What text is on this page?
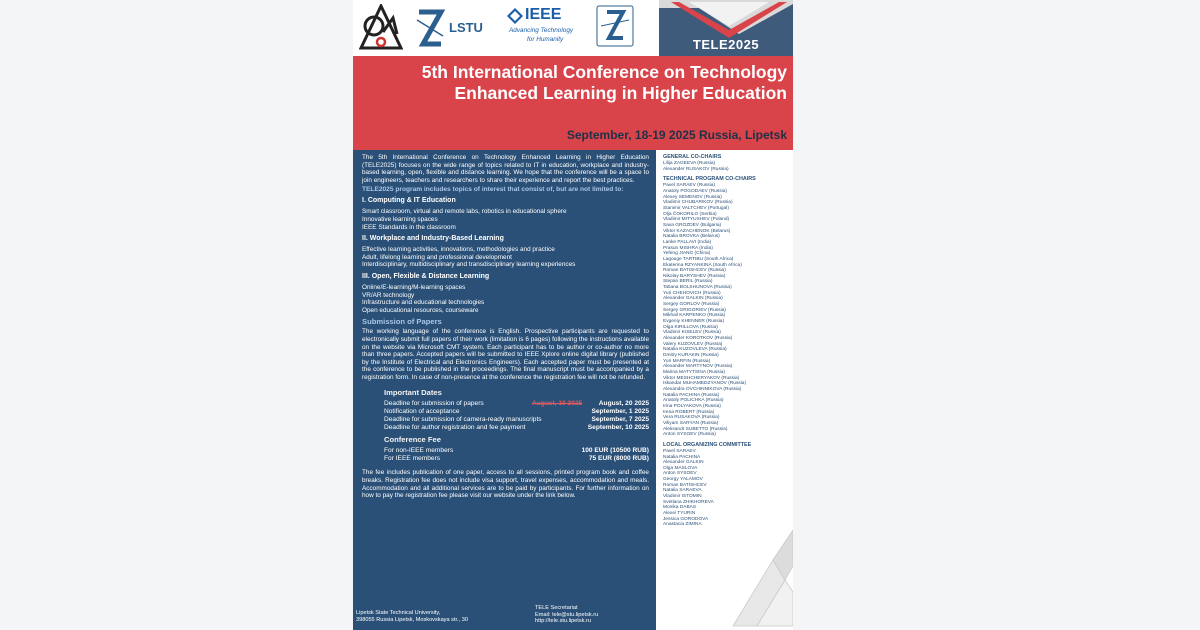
LSTU
IEEE
Advancing Technology
for Humanity	TELE2025
5th International Conference on Technology Enhanced Learning in Higher Education
September, 18-19 2025 Russia, Lipetsk
The 5th International Conference on Technology Enhanced Learning in Higher Education (TELE2025) focuses on the wide range of topics related to IT in education, workplace and industry-based learning, open, flexible and distance learning. We hope that the conference will be a space to join engineers, teachers and researchers to share their experience and report the best practices.
TELE2025 program includes topics of interest that consist of, but are not limited to:
I. Computing & IT Education
Smart classroom, virtual and remote labs, robotics in educational sphere
Innovative learning spaces
IEEE Standards in the classroom
II. Workplace and Industry-Based Learning
Effective learning activities, innovations, methodologies and practice
Adult, lifelong learning and professional development
Interdisciplinary, multidisciplinary and transdisciplinary learning experiences
III. Open, Flexible & Distance Learning
Online/E-learning/M-learning spaces
VR/AR technology
Infrastructure and educational technologies
Open educational resources, courseware
Submission of Papers
The working language of the conference is English. Prospective participants are requested to electronically submit full papers of their work (limitation is 6 pages) following the instructions available on the website via Microsoft CMT system. Each participant has to be author or co-author no more than three papers. Accepted papers will be submitted to IEEE Xplore online digital library (published by the Institute of Electrical and Electronics Engineers). Each accepted paper must be presented at the conference to be published in the proceedings. The final manuscript must be accompanied by a registration form. In case of non-presence at the conference the registration fee will not be refunded.
Important Dates
Deadline for submission of papers	August, 10 2025	August, 20 2025
Notification of acceptance	September, 1 2025
Deadline for submission of camera-ready manuscripts	September, 7 2025
Deadline for author registration and fee payment	September, 10 2025
Conference Fee
For non-IEEE members	100 EUR (10500 RUB)
For IEEE members	75 EUR (8000 RUB)
The fee includes publication of one paper, access to all sessions, printed program book and coffee breaks. Registration fee does not include visa support, travel expenses, accommodation and meals. Accommodation and all additional services are to be paid by participants. For further information on how to pay the registration fee please visit our website under the link below.
Lipetsk State Technical University,
398055 Russia Lipetsk, Moskovskaya str., 30
TELE Secretariat
Email: tele@stu.lipetsk.ru
http://tele.stu.lipetsk.ru
GENERAL CO-CHAIRS
Lilija ZAGEEVA (Russia)
Alexander RUSAKOV (Russia)
TECHNICAL PROGRAM CO-CHAIRS
Pavel SARAEV (Russia)
Anatoly POGODAEV (Russia)
Alexey SEMENOV (Russia)
Vladimir CHUBARIKOV (Russia)
Stanimir VALTCHEV (Portugal)
Olja ČOKORILO (Serbia)
Vladimir MITYUSHEV (Poland)
Sava GROZDEV (Bulgaria)
Viktor KAZACHENOK (Belarus)
Natalia BROVKA (Belarus)
Lanke PALLAVI (India)
Prasun MISHRA (India)
Yefeng JIANG (China)
Lagouge TARTIBU (South Africa)
Ekaterina RZYANKINA (South Africa)
Roman BATISHCEV (Russia)
Nikolay BARYSHEV (Russia)
Stepan BERIL (Russia)
Tatiana BOLSHUNOVA (Russia)
Yuri CHEHOVICH (Russia)
Alexander GALKIN (Russia)
Sergey GORLOV (Russia)
Sergey GRIGORIEV (Russia)
Mikhail KARPENKO (Russia)
Evgeniy KHENNER (Russia)
Olga KIRILLOVA (Russia)
Vladimir KISELEV (Russia)
Alexander KOROTKOV (Russia)
Valery KUZOVLEV (Russia)
Natalia KUZOVLEVA (Russia)
Dmitry KURAKIN (Russia)
Yuri MARFIN (Russia)
Alexander MARTYNOV (Russia)
Marina MATYTSINA (Russia)
Viktor MESHCHERYAKOV (Russia)
Iskandar MUHAMEDZYANOV (Russia)
Alexandra OVCHINNIKOVA (Russia)
Natalia PACHINA (Russia)
Anatoly POLICHKA (Russia)
Irina POLYAKOVA (Russia)
Irena ROBERT (Russia)
Vera RUSAKOVA (Russia)
Viliyam SARYAN (Russia)
Aleksandr SUBETTO (Russia)
Anton SYSOEV (Russia)
LOCAL ORGANIZING COMMITTEE
Pavel SARAEV
Natalia PACHINA
Alexander GALKIN
Olga MASLOVA
Anton SYSOEV
Georgy YALAMOV
Roman BATISHCEV
Natalia SARAEVA
Vladimir ISTOMIN
Svetlana ZHIKHOREVA
Monika DABAS
Alexei TYURIN
Jessica GORODOVA
Anastacia ZIMINA
